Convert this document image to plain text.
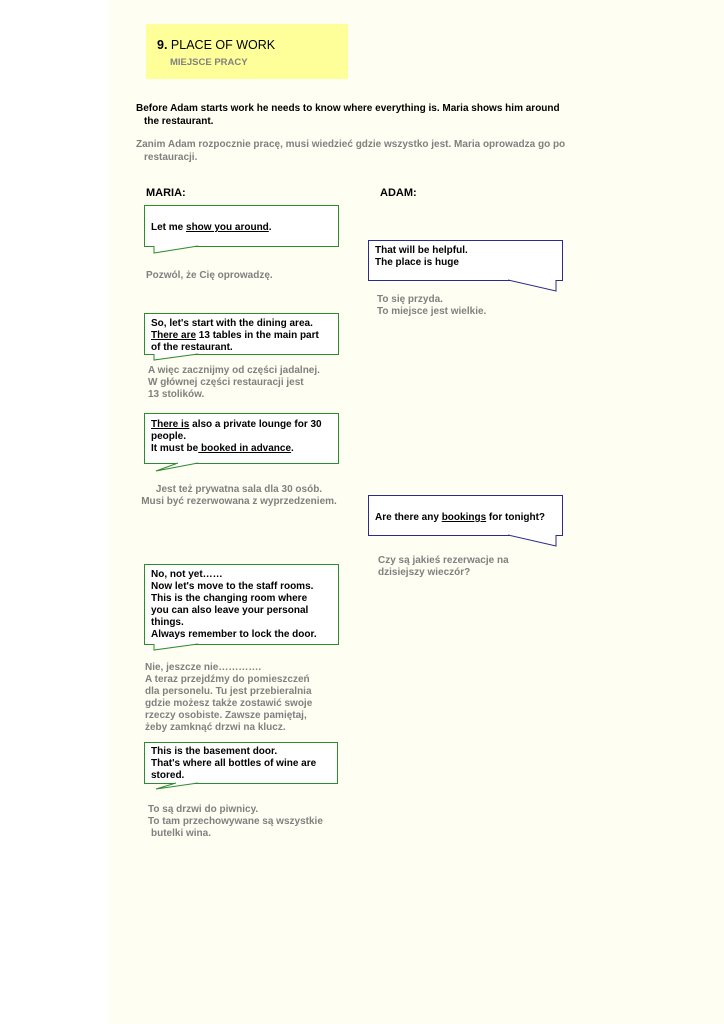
9. PLACE OF WORK
MIEJSCE PRACY
Before Adam starts work he needs to know where everything is. Maria shows him around
the restaurant.
Zanim Adam rozpocznie pracę, musi wiedzieć gdzie wszystko jest. Maria oprowadza go po
restauracji.
MARIA:	ADAM:
Let me show you around.
Pozwól, że Cię oprowadzę.
That will be helpful.
The place is huge
To się przyda.
To miejsce jest wielkie.
So, let's start with the dining area.
There are 13 tables in the main part
of the restaurant.
A więc zacznijmy od części jadalnej.
W głównej części restauracji jest
13 stolików.
There is also a private lounge for 30
people.
It must be booked in advance.
Jest też prywatna sala dla 30 osób.
Musi być rezerwowana z wyprzedzeniem.
Are there any bookings for tonight?
Czy są jakieś rezerwacje na
dzisiejszy wieczór?
No, not yet……
Now let's move to the staff rooms.
This is the changing room where
you can also leave your personal
things.
Always remember to lock the door.
Nie, jeszcze nie………….
A teraz przejdźmy do pomieszczeń
dla personelu. Tu jest przebieralnia
gdzie możesz także zostawić swoje
rzeczy osobiste. Zawsze pamiętaj,
żeby zamknąć drzwi na klucz.
This is the basement door.
That's where all bottles of wine are
stored.
To są drzwi do piwnicy.
To tam przechowywane są wszystkie
butelki wina.
